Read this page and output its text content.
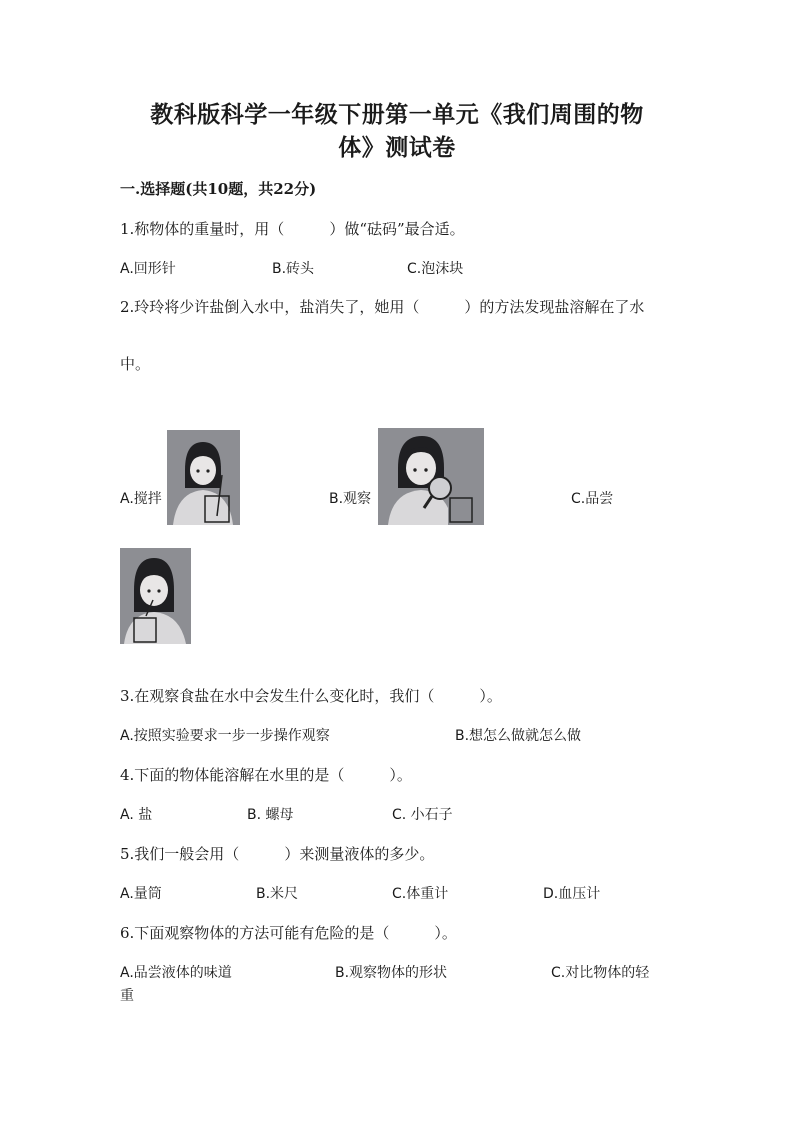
教科版科学一年级下册第一单元《我们周围的物
体》测试卷
一.选择题(共10题，共22分)
1.称物体的重量时，用（　　　）做“砝码”最合适。
A.回形针	B.砖头	C.泡沫块
2.玲玲将少许盐倒入水中，盐消失了，她用（　　　）的方法发现盐溶解在了水
中。
A.搅拌	B.观察	C.品尝
3.在观察食盐在水中会发生什么变化时，我们（　　　）。
A.按照实验要求一步一步操作观察	B.想怎么做就怎么做
4.下面的物体能溶解在水里的是（　　　）。
A. 盐	B. 螺母	C. 小石子
5.我们一般会用（　　　）来测量液体的多少。
A.量筒	B.米尺	C.体重计	D.血压计
6.下面观察物体的方法可能有危险的是（　　　）。
A.品尝液体的味道	B.观察物体的形状	C.对比物体的轻
重
